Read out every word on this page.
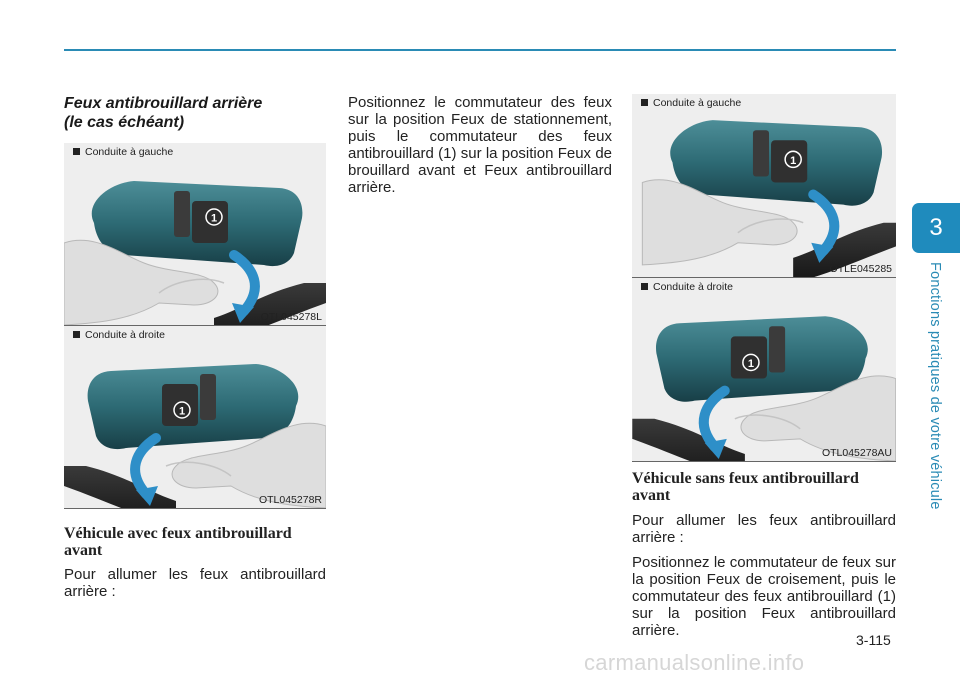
3
Fonctions pratiques de votre véhicule

Feux antibrouillard arrière
(le cas échéant)

1
Conduite à gauche
OTL045278L
1
Conduite à droite
OTL045278R

Véhicule avec feux antibrouillard avant

Pour allumer les feux antibrouillard arrière :

Positionnez le commutateur des feux sur la position Feux de stationnement, puis le commutateur des feux antibrouillard (1) sur la position Feux de brouillard avant et Feux antibrouillard arrière.

1
Conduite à gauche
OTLE045285
1
Conduite à droite
OTL045278AU

Véhicule sans feux antibrouillard avant

Pour allumer les feux antibrouillard arrière :

Positionnez le commutateur de feux sur la position Feux de croisement, puis le commutateur des feux antibrouillard (1) sur la position Feux antibrouillard arrière.

3-115
carmanualsonline.info
